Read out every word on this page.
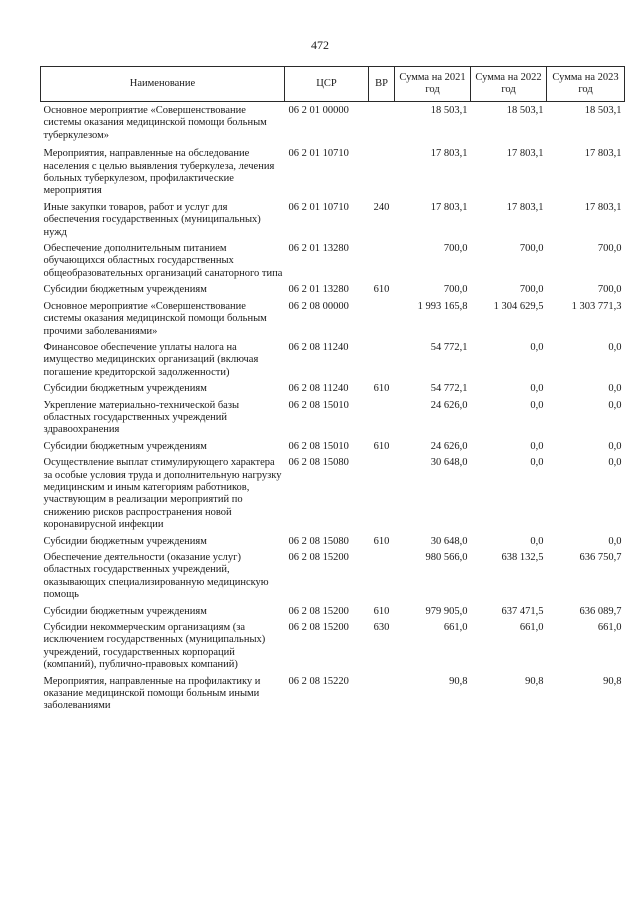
472
Наименование	ЦСР	ВР	Сумма на 2021 год	Сумма на 2022 год	Сумма на 2023 год
Основное мероприятие «Совершенствование системы оказания медицинской помощи больным туберкулезом»	06 2 01 00000		18 503,1	18 503,1	18 503,1
Мероприятия, направленные на обследование населения с целью выявления туберкулеза, лечения больных туберкулезом, профилактические мероприятия	06 2 01 10710		17 803,1	17 803,1	17 803,1
Иные закупки товаров, работ и услуг для обеспечения государственных (муниципальных) нужд	06 2 01 10710	240	17 803,1	17 803,1	17 803,1
Обеспечение дополнительным питанием обучающихся областных государственных общеобразовательных организаций санаторного типа	06 2 01 13280		700,0	700,0	700,0
Субсидии бюджетным учреждениям	06 2 01 13280	610	700,0	700,0	700,0
Основное мероприятие «Совершенствование системы оказания медицинской помощи больным прочими заболеваниями»	06 2 08 00000		1 993 165,8	1 304 629,5	1 303 771,3
Финансовое обеспечение уплаты налога на имущество медицинских организаций (включая погашение кредиторской задолженности)	06 2 08 11240		54 772,1	0,0	0,0
Субсидии бюджетным учреждениям	06 2 08 11240	610	54 772,1	0,0	0,0
Укрепление материально-технической базы областных государственных учреждений здравоохранения	06 2 08 15010		24 626,0	0,0	0,0
Субсидии бюджетным учреждениям	06 2 08 15010	610	24 626,0	0,0	0,0
Осуществление выплат стимулирующего характера за особые условия труда и дополнительную нагрузку медицинским и иным категориям работников, участвующим в реализации мероприятий по снижению рисков распространения новой коронавирусной инфекции	06 2 08 15080		30 648,0	0,0	0,0
Субсидии бюджетным учреждениям	06 2 08 15080	610	30 648,0	0,0	0,0
Обеспечение деятельности (оказание услуг) областных государственных учреждений, оказывающих специализированную медицинскую помощь	06 2 08 15200		980 566,0	638 132,5	636 750,7
Субсидии бюджетным учреждениям	06 2 08 15200	610	979 905,0	637 471,5	636 089,7
Субсидии некоммерческим организациям (за исключением государственных (муниципальных) учреждений, государственных корпораций (компаний), публично-правовых компаний)	06 2 08 15200	630	661,0	661,0	661,0
Мероприятия, направленные на профилактику и оказание медицинской помощи больным иными заболеваниями	06 2 08 15220		90,8	90,8	90,8
